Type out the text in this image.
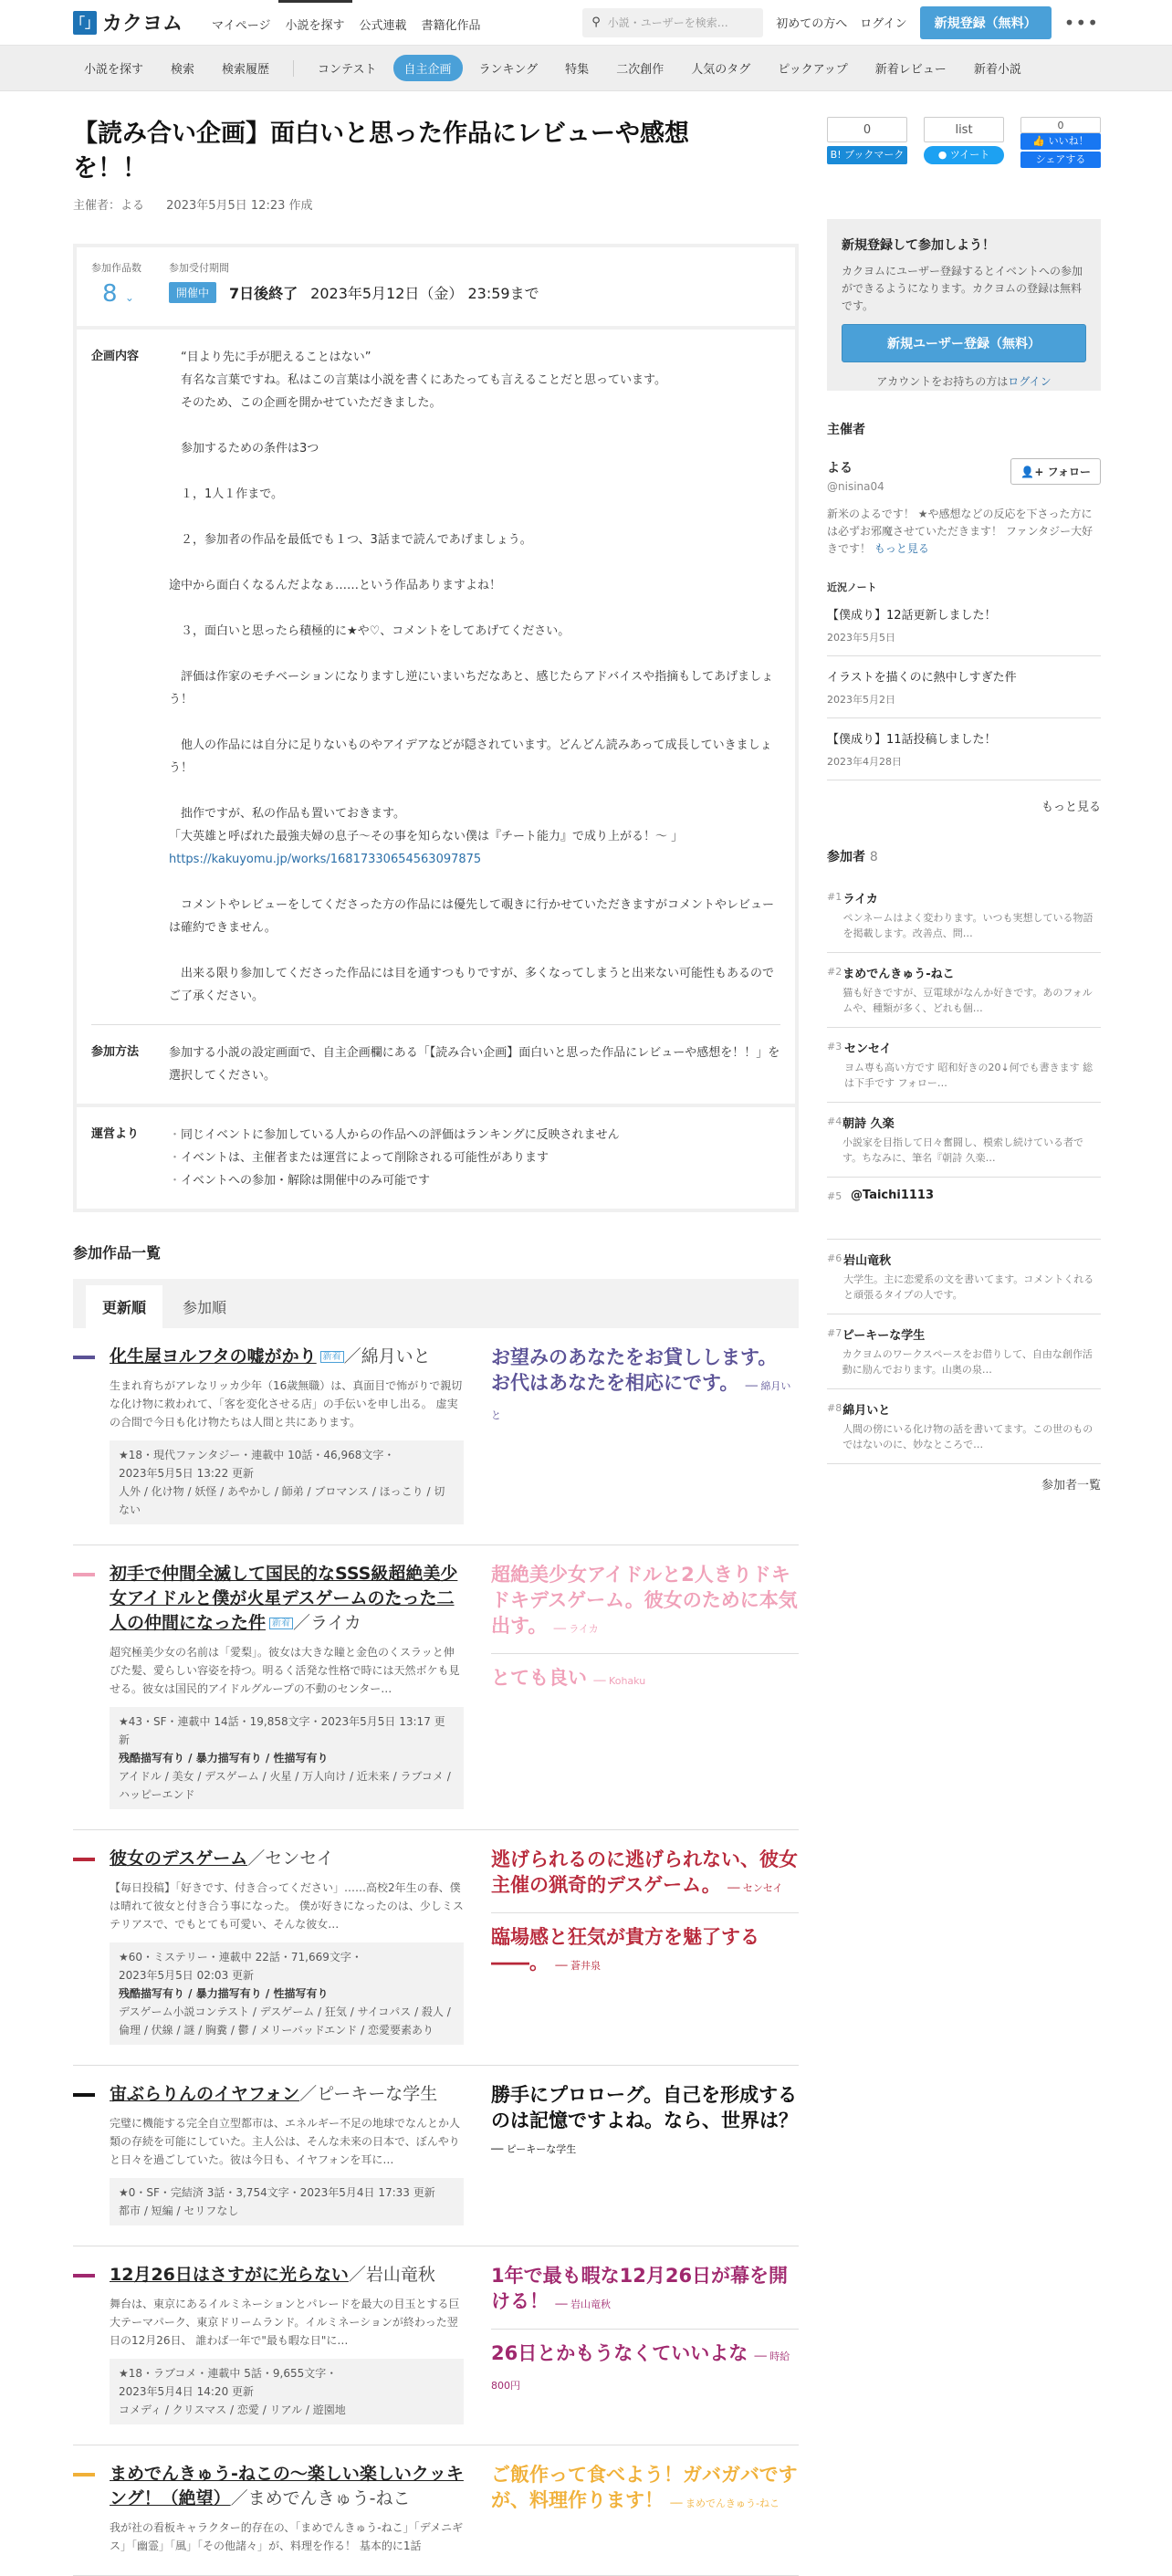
「」 カクヨム	マイページ	小説を探す	公式連載	書籍化作品	⚲ 小説・ユーザーを検索…	初めての方へ ログイン	新規登録（無料）	•••
小説を探す	検索	検索履歴	コンテスト	自主企画	ランキング	特集	二次創作	人気のタグ	ピックアップ	新着レビュー	新着小説
【読み合い企画】面白いと思った作品にレビューや感想を！！
主催者：よる 2023年5月5日 12:23 作成
参加作品数
8 ⌄
参加受付期間
開催中	7日後終了 2023年5月12日（金） 23:59まで
企画内容	　“目より先に手が肥えることはない”

　有名な言葉ですね。私はこの言葉は小説を書くにあたっても言えることだと思っています。

　そのため、この企画を開かせていただきました。

　参加するための条件は3つ

　１，1人１作まで。

　２，参加者の作品を最低でも１つ、3話まで読んであげましょう。

途中から面白くなるんだよなぁ……という作品ありますよね！

　３，面白いと思ったら積極的に★や♡、コメントをしてあげてください。

　評価は作家のモチベーションになりますし逆にいまいちだなあと、感じたらアドバイスや指摘もしてあげましょう！

　他人の作品には自分に足りないものやアイデアなどが隠されています。どんどん読みあって成長していきましょう！

　拙作ですが、私の作品も置いておきます。

「大英雄と呼ばれた最強夫婦の息子～その事を知らない僕は『チート能力』で成り上がる！～ 」

https://kakuyomu.jp/works/16817330654563097875

　コメントやレビューをしてくださった方の作品には優先して覗きに行かせていただきますがコメントやレビューは確約できません。

　出来る限り参加してくださった作品には目を通すつもりですが、多くなってしまうと出来ない可能性もあるのでご了承ください。

参加方法	参加する小説の設定画面で、自主企画欄にある「【読み合い企画】面白いと思った作品にレビューや感想を！！」を選択してください。
運営より
・	同じイベントに参加している人からの作品への評価はランキングに反映されません
・ イベントは、主催者または運営によって削除される可能性があります
・ イベントへの参加・解除は開催中のみ可能です
参加作品一覧
更新順	参加順
化生屋ヨルフタの嘘がかり 新着 ／綿月いと
生まれ育ちがアレなリッカ少年（16歳無職）は、真面目で怖がりで親切な化け物に救われて、「客を変化させる店」の手伝いを申し出る。 虚実の合間で今日も化け物たちは人間と共にあります。
★18・現代ファンタジー・連載中 10話・46,968文字・
2023年5月5日 13:22 更新
人外 / 化け物 / 妖怪 / あやかし / 師弟 / ブロマンス / ほっこり / 切ない
お望みのあなたをお貸しします。 お代はあなたを相応にです。 ── 綿月いと
初手で仲間全滅して国民的なSSS級超絶美少女アイドルと僕が火星デスゲームのたった二人の仲間になった件 新着 ／ライカ
超究極美少女の名前は「愛梨」。彼女は大きな瞳と金色のくスラッと伸びた髪、愛らしい容姿を持つ。明るく活発な性格で時には天然ボケも見せる。彼女は国民的アイドルグループの不動のセンター…
★43・SF・連載中 14話・19,858文字・2023年5月5日 13:17 更新
残酷描写有り / 暴力描写有り / 性描写有り
アイドル / 美女 / デスゲーム / 火星 / 万人向け / 近未来 / ラブコメ / ハッピーエンド
超絶美少女アイドルと2人きりドキドキデスゲーム。彼女のために本気出す。 ── ライカ
とても良い ── Kohaku
彼女のデスゲーム／センセイ
【毎日投稿】「好きです、付き合ってください」……高校2年生の春、僕は晴れて彼女と付き合う事になった。 僕が好きになったのは、少しミステリアスで、でもとても可愛い、そんな彼女…
★60・ミステリー・連載中 22話・71,669文字・
2023年5月5日 02:03 更新
残酷描写有り / 暴力描写有り / 性描写有り
デスゲーム小説コンテスト / デスゲーム / 狂気 / サイコパス / 殺人 / 倫理 / 伏線 / 謎 / 胸糞 / 鬱 / メリーバッドエンド / 恋愛要素あり
逃げられるのに逃げられない、彼女主催の猟奇的デスゲーム。 ── センセイ
臨場感と狂気が貴方を魅了する――。 ── 蒼井泉
宙ぶらりんのイヤフォン／ピーキーな学生
完璧に機能する完全自立型都市は、エネルギー不足の地球でなんとか人類の存続を可能にしていた。主人公は、そんな未来の日本で、ぼんやりと日々を過ごしていた。彼は今日も、イヤフォンを耳に…
★0・SF・完結済 3話・3,754文字・2023年5月4日 17:33 更新
都市 / 短編 / セリフなし
勝手にプロローグ。自己を形成するのは記憶ですよね。なら、世界は？ ── ピーキーな学生
12月26日はさすがに光らない／岩山竜秋
舞台は、東京にあるイルミネーションとパレードを最大の目玉とする巨大テーマパーク、東京ドリームランド。イルミネーションが終わった翌日の12月26日、 誰わば一年で"最も暇な日"に…
★18・ラブコメ・連載中 5話・9,655文字・
2023年5月4日 14:20 更新
コメディ / クリスマス / 恋愛 / リアル / 遊園地
1年で最も暇な12月26日が幕を開ける！ ── 岩山竜秋
26日とかもうなくていいよな ── 時給800円
まめでんきゅう-ねこの〜楽しい楽しいクッキング！（絶望）／まめでんきゅう-ねこ
我が社の看板キャラクター的存在の、「まめでんきゅう-ねこ」「デメニギス」「幽霊」「風」「その他諸々」が、料理を作る！ 基本的に1話
ご飯作って食べよう！ガバガバですが、料理作ります！ ── まめでんきゅう-ねこ
0
B! ブックマーク
list
● ツイート
0
👍 いいね！
シェアする
新規登録して参加しよう！

カクヨムにユーザー登録するとイベントへの参加ができるようになります。カクヨムの登録は無料です。

新規ユーザー登録（無料）
アカウントをお持ちの方はログイン
主催者
よる
@nisina04
👤+ フォロー
新米のよるです！ ★や感想などの反応を下さった方には必ずお邪魔させていただきます！ ファンタジー大好きです！ もっと見る
近況ノート
【僕成り】12話更新しました！
2023年5月5日
イラストを描くのに熱中しすぎた件
2023年5月2日
【僕成り】11話投稿しました！
2023年4月28日
もっと見る
参加者 8
#1 ライカ
ペンネームはよく変わります。いつも実想している物語を掲載します。改善点、問…
#2 まめでんきゅう-ねこ
猫も好きですが、豆電球がなんか好きです。あのフォルムや、種類が多く、どれも個…
#3 センセイ
ヨム専も高い方です 昭和好きの20↓何でも書きます 総は下手です フォロー…
#4 朝詩 久楽
小説家を目指して日々奮闘し、模索し続けている者です。ちなみに、筆名『朝詩 久楽…
#5 @Taichi1113
#6 岩山竜秋
大学生。主に恋愛系の文を書いてます。コメントくれると頑張るタイプの人です。
#7 ピーキーな学生
カクヨムのワークスペースをお借りして、自由な創作活動に励んでおります。山奥の泉…
#8 綿月いと
人間の傍にいる化け物の話を書いてます。この世のものではないのに、妙なところで…
参加者一覧
